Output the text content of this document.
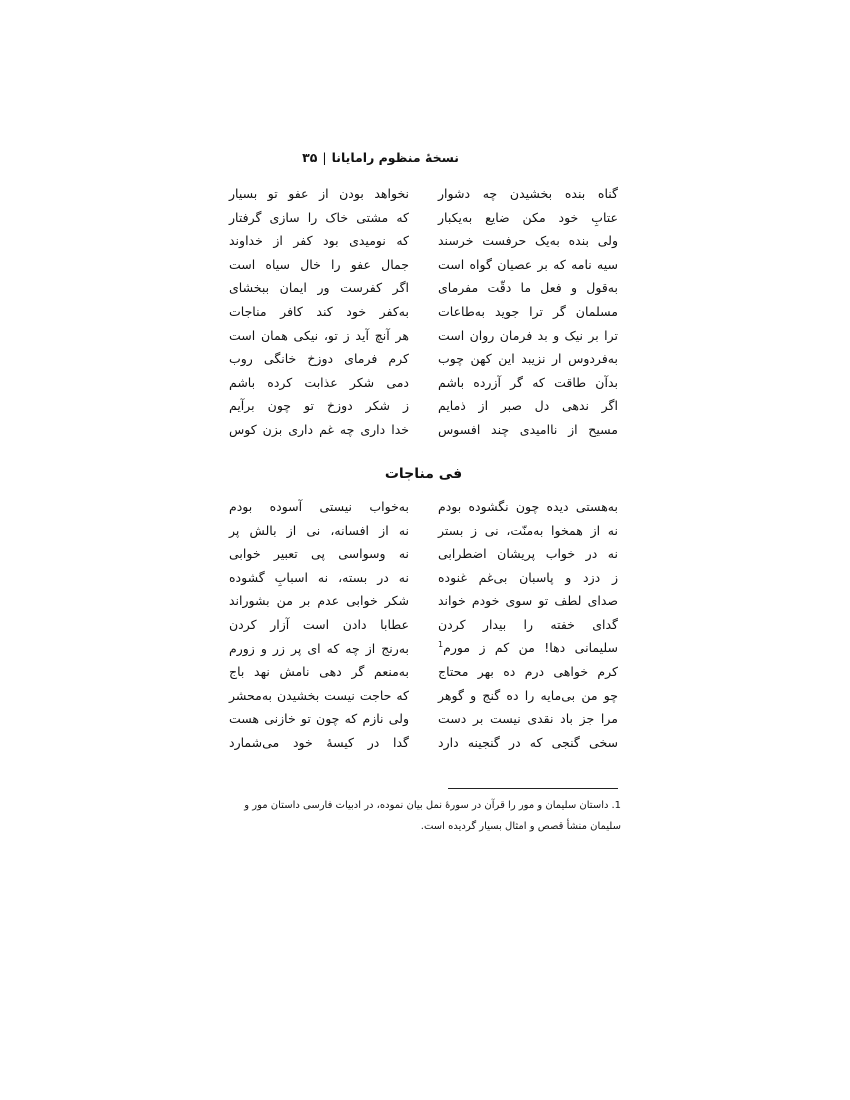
نسخهٔ منظوم رامایانا|۳۵
گناه بنده بخشیدن چه دشوار
نخواهد بودن از عفو تو بسیار
عتابِ خود مکن ضایع به‌یکبار
که مشتی خاک را سازی گرفتار
ولی بنده به‌یک حرفست خرسند
که نومیدی بود کفر از خداوند
سیه نامه که بر عصیان گواه است
جمال عفو را خال سیاه است
به‌قول و فعل ما دقّت مفرمای
اگر کفرست ور ایمان ببخشای
مسلمان گر ترا جوید به‌طاعات
به‌کفر خود کند کافر مناجات
ترا بر نیک و بد فرمان روان است
هر آنچ آید ز تو، نیکی همان است
به‌فردوس ار نزیبد این کهن چوب
کرم فرمای دوزخ خانگی روب
بدآن طاقت که گر آزرده باشم
دمی شکر عذابت کرده باشم
اگر ندهی دل صبر از ذمایم
ز شکر دوزخ تو چون برآیم
مسیح از ناامیدی چند افسوس
خدا داری چه غم داری بزن کوس
فی مناجات
به‌هستی دیده چون نگشوده بودم
به‌خواب نیستی آسوده بودم
نه از همخوا به‌منّت، نی ز بستر
نه از افسانه، نی از بالش پر
نه در خواب پریشان اضطرابی
نه وسواسی پی تعبیر خوابی
ز دزد و پاسبان بی‌غم غنوده
نه در بسته، نه اسبابِ گشوده
صدای لطف تو سوی خودم خواند
شکر خوابی عدم بر من بشوراند
گدای خفته را بیدار کردن
عطابا دادن است آزار کردن
سلیمانی دها! من کم ز مورم$^1$
به‌رنج از چه که ای پر زر و زورم
کرم خواهی درم ده بهر محتاج
به‌منعم گر دهی نامش نهد باج
چو من بی‌مایه را ده گنج و گوهر
که حاجت نیست بخشیدن به‌محشر
مرا جز باد نقدی نیست بر دست
ولی نازم که چون تو خازنی هست
سخی گنجی که در گنجینه دارد
گدا در کیسهٔ خود می‌شمارد
1.داستان سلیمان و مور را قرآن در سورهٔ نمل بیان نموده، در ادبیات فارسی داستان مور و سلیمان منشأ قصص و امثال بسیار گردیده است.
